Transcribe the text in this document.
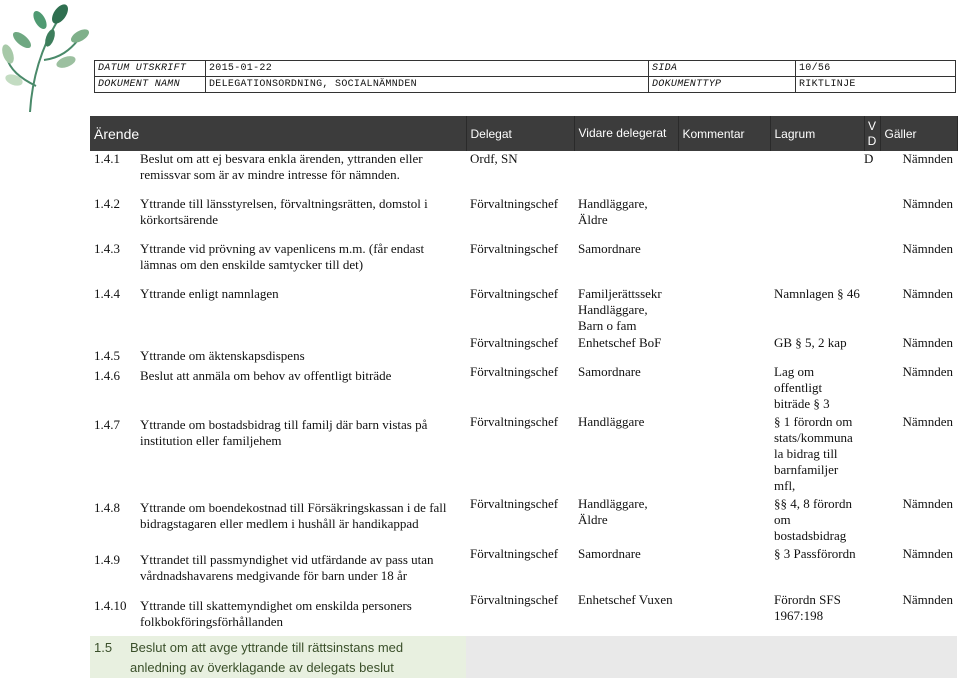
DATUM UTSKRIFT	2015-01-22	SIDA	10/56
DOKUMENT NAMN	DELEGATIONSORDNING, SOCIALNÄMNDEN	DOKUMENTTYP	RIKTLINJE
Ärende	Delegat	Vidare delegerat	Kommentar	Lagrum	V D	Gäller

1.4.1 Beslut om att ej besvara enkla ärenden, yttranden eller remissvar som är av mindre intresse för nämnden.	Ordf, SN				D	Nämnden

1.4.2 Yttrande till länsstyrelsen, förvaltningsrätten, domstol i körkortsärende	Förvaltningschef	Handläggare, Äldre				Nämnden

1.4.3 Yttrande vid prövning av vapenlicens m.m. (får endast lämnas om den enskilde samtycker till det)	Förvaltningschef	Samordnare				Nämnden

1.4.4 Yttrande enligt namnlagen	Förvaltningschef	Familjerättssekr Handläggare, Barn o fam		Namnlagen § 46		Nämnden

1.4.5 Yttrande om äktenskapsdispens	Förvaltningschef	Enhetschef BoF		GB § 5, 2 kap		Nämnden

1.4.6 Beslut att anmäla om behov av offentligt biträde	Förvaltningschef	Samordnare		Lag om offentligt biträde § 3		Nämnden

1.4.7 Yttrande om bostadsbidrag till familj där barn vistas på institution eller familjehem	Förvaltningschef	Handläggare		§ 1 förordn om stats/kommuna la bidrag till barnfamiljer mfl,		Nämnden

1.4.8 Yttrande om boendekostnad till Försäkringskassan i de fall bidragstagaren eller medlem i hushåll är handikappad	Förvaltningschef	Handläggare, Äldre		§§ 4, 8 förordn om bostadsbidrag		Nämnden

1.4.9 Yttrandet till passmyndighet vid utfärdande av pass utan vårdnadshavarens medgivande för barn under 18 år	Förvaltningschef	Samordnare		§ 3 Passförordn		Nämnden

1.4.10 Yttrande till skattemyndighet om enskilda personers folkbokföringsförhållanden	Förvaltningschef	Enhetschef Vuxen		Förordn SFS 1967:198		Nämnden

1.5 Beslut om att avge yttrande till rättsinstans med anledning av överklagande av delegats beslut						
